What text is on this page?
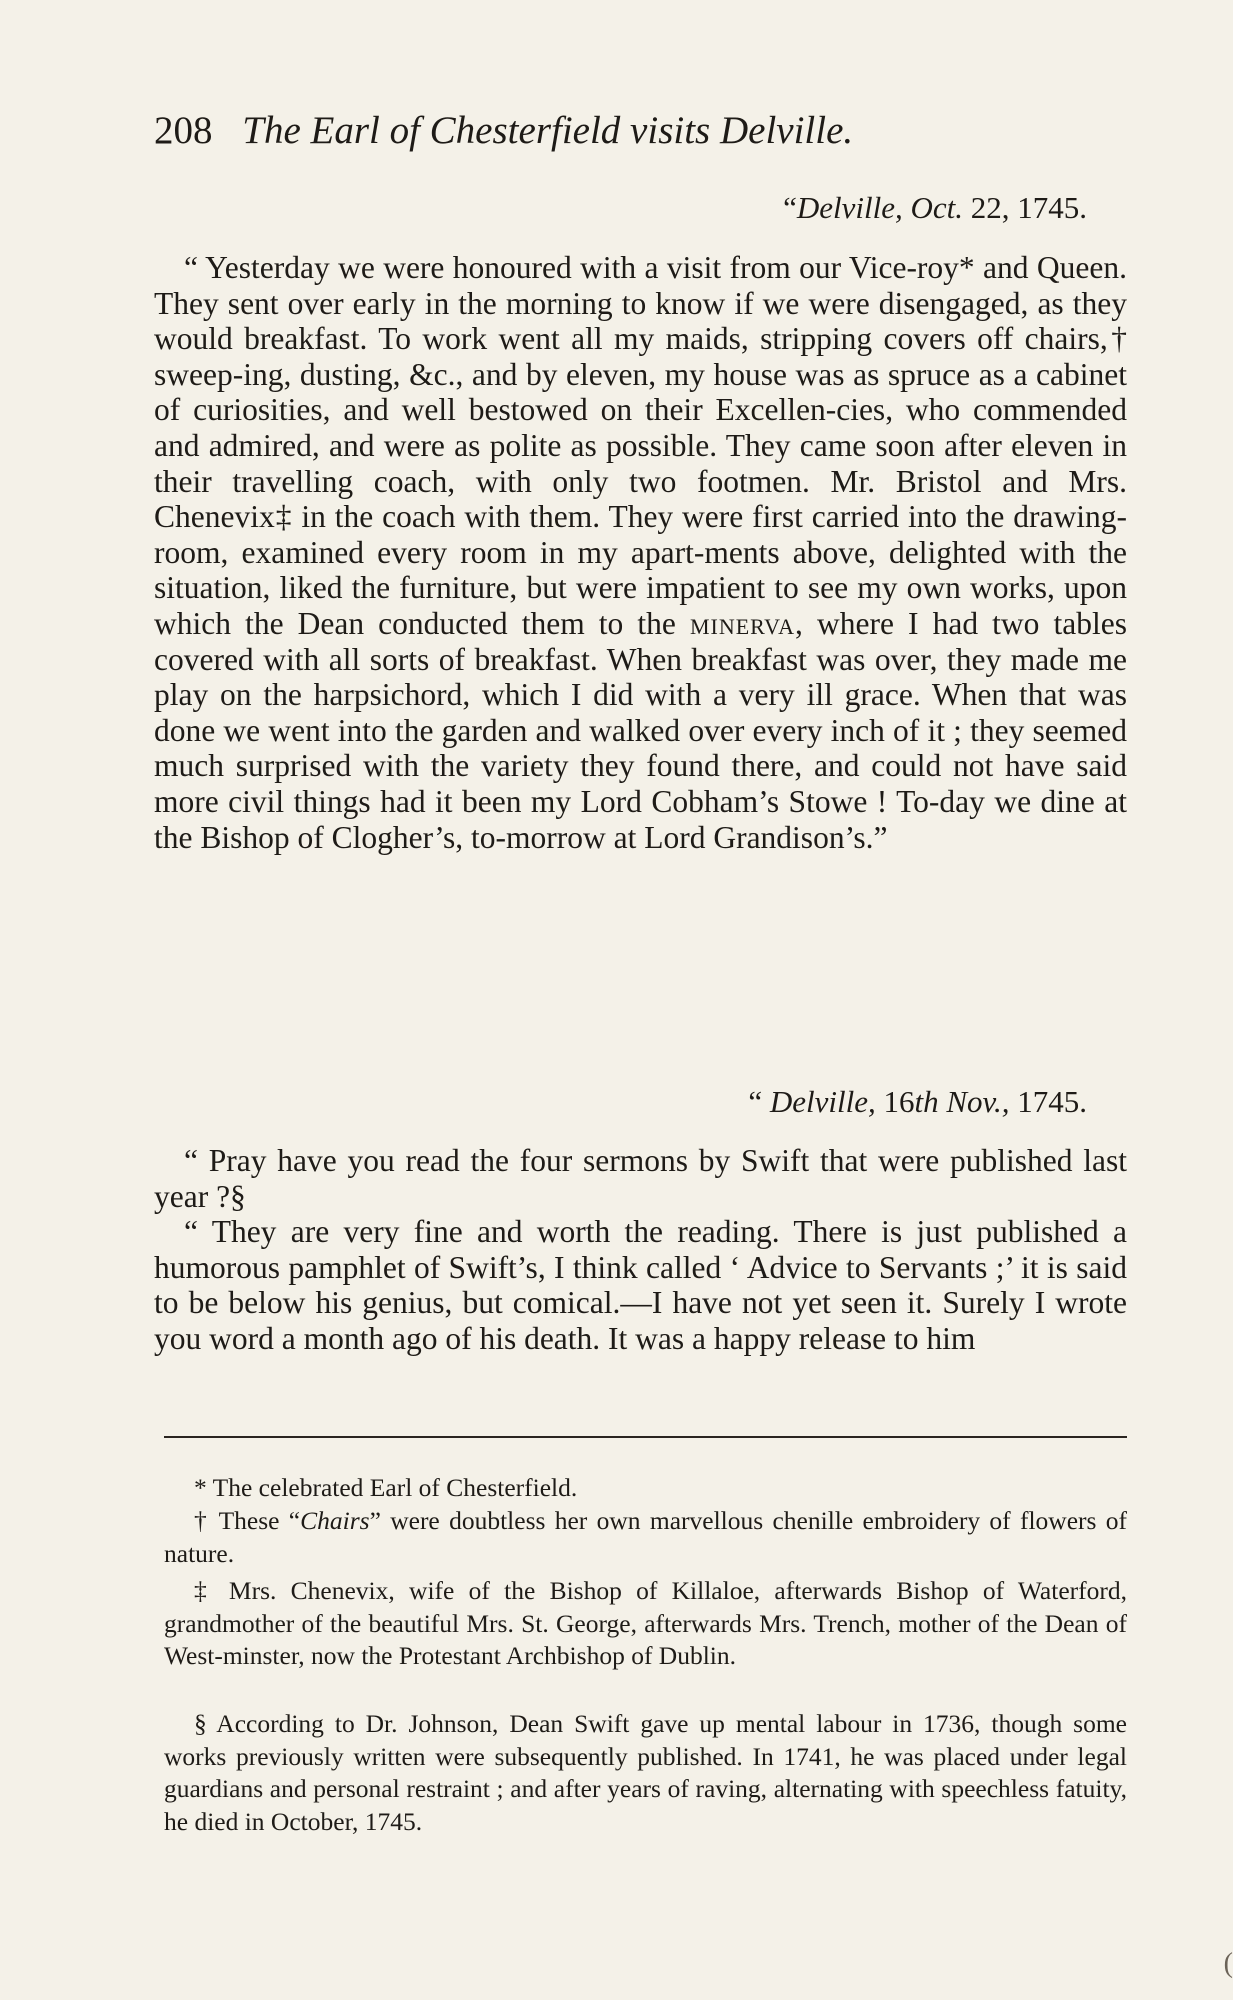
208 The Earl of Chesterfield visits Delville.
“Delville, Oct. 22, 1745.

“ Yesterday we were honoured with a visit from our Vice-roy* and Queen. They sent over early in the morning to know if we were disengaged, as they would breakfast. To work went all my maids, stripping covers off chairs,† sweep-ing, dusting, &c., and by eleven, my house was as spruce as a cabinet of curiosities, and well bestowed on their Excellen-cies, who commended and admired, and were as polite as possible. They came soon after eleven in their travelling coach, with only two footmen. Mr. Bristol and Mrs. Chenevix‡ in the coach with them. They were first carried into the drawing-room, examined every room in my apart-ments above, delighted with the situation, liked the furniture, but were impatient to see my own works, upon which the Dean conducted them to the minerva, where I had two tables covered with all sorts of breakfast. When breakfast was over, they made me play on the harpsichord, which I did with a very ill grace. When that was done we went into the garden and walked over every inch of it ; they seemed much surprised with the variety they found there, and could not have said more civil things had it been my Lord Cobham’s Stowe ! To-day we dine at the Bishop of Clogher’s, to-morrow at Lord Grandison’s.”

“ Delville, 16th Nov., 1745.

“ Pray have you read the four sermons by Swift that were published last year ?§

“ They are very fine and worth the reading. There is just published a humorous pamphlet of Swift’s, I think called ‘ Advice to Servants ;’ it is said to be below his genius, but comical.—I have not yet seen it. Surely I wrote you word a month ago of his death. It was a happy release to him

* The celebrated Earl of Chesterfield.

† These “Chairs” were doubtless her own marvellous chenille embroidery of flowers of nature.

‡ Mrs. Chenevix, wife of the Bishop of Killaloe, afterwards Bishop of Waterford, grandmother of the beautiful Mrs. St. George, afterwards Mrs. Trench, mother of the Dean of West-minster, now the Protestant Archbishop of Dublin.

§ According to Dr. Johnson, Dean Swift gave up mental labour in 1736, though some works previously written were subsequently published. In 1741, he was placed under legal guardians and personal restraint ; and after years of raving, alternating with speechless fatuity, he died in October, 1745.

(
